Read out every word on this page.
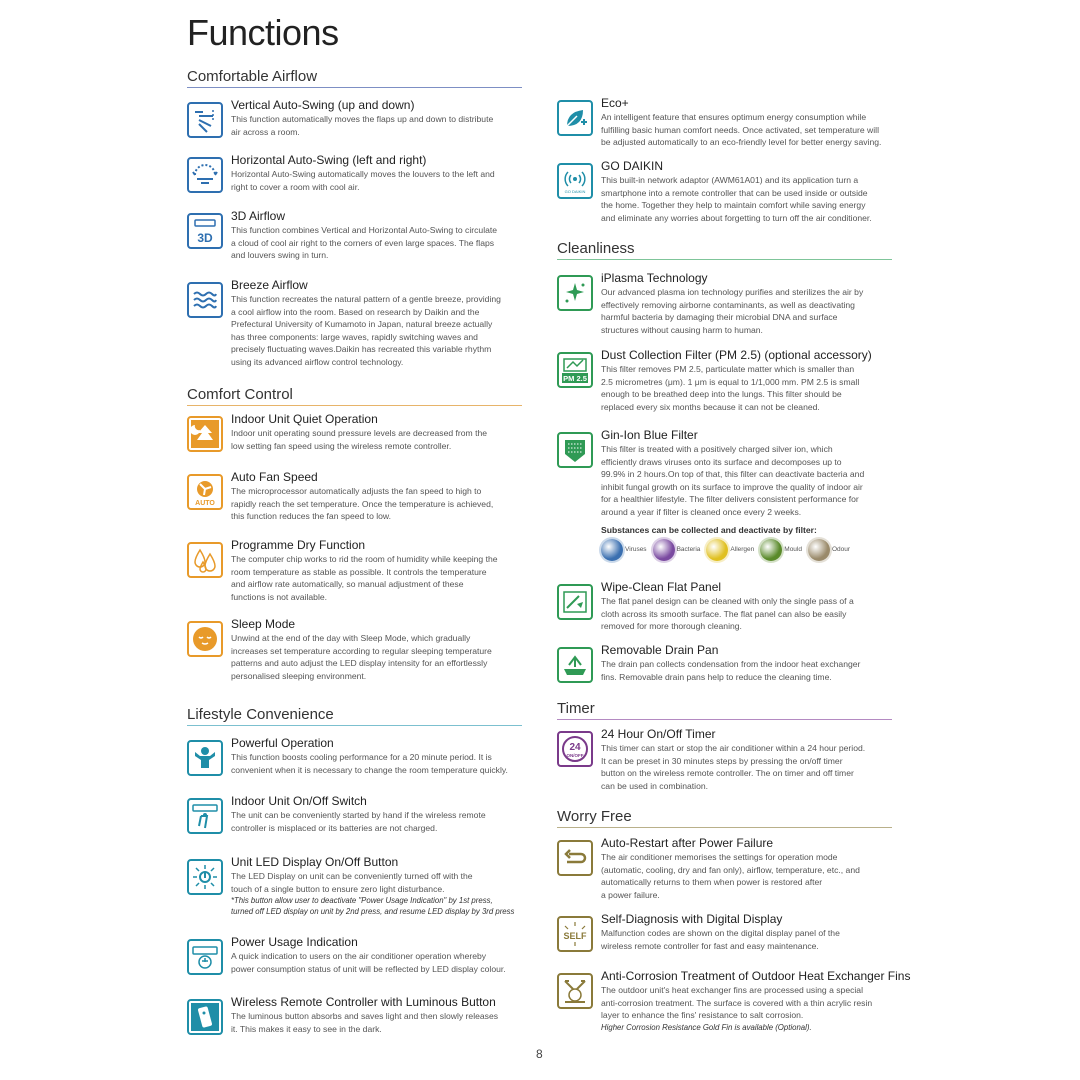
Functions
Comfortable Airflow
Vertical Auto-Swing (up and down)
This function automatically moves the flaps up and down to distribute
air across a room.
Horizontal Auto-Swing (left and right)
Horizontal Auto-Swing automatically moves the louvers to the left and
right to cover a room with cool air.
3D
3D Airflow
This function combines Vertical and Horizontal Auto-Swing to circulate
a cloud of cool air right to the corners of even large spaces. The flaps
and louvers swing in turn.
Breeze Airflow
This function recreates the natural pattern of a gentle breeze, providing
a cool airflow into the room. Based on research by Daikin and the
Prefectural University of Kumamoto in Japan, natural breeze actually
has three components: large waves, rapidly switching waves and
precisely fluctuating waves.Daikin has recreated this variable rhythm
using its advanced airflow control technology.
Comfort Control
Indoor Unit Quiet Operation
Indoor unit operating sound pressure levels are decreased from the
low setting fan speed using the wireless remote controller.
AUTO
Auto Fan Speed
The microprocessor automatically adjusts the fan speed to high to
rapidly reach the set temperature. Once the temperature is achieved,
this function reduces the fan speed to low.
Programme Dry Function
The computer chip works to rid the room of humidity while keeping the
room temperature as stable as possible. It controls the temperature
and airflow rate automatically, so manual adjustment of these
functions is not available.
Sleep Mode
Unwind at the end of the day with Sleep Mode, which gradually
increases set temperature according to regular sleeping temperature
patterns and auto adjust the LED display intensity for an effortlessly
personalised sleeping environment.
Lifestyle Convenience
Powerful Operation
This function boosts cooling performance for a 20 minute period. It is
convenient when it is necessary to change the room temperature quickly.
Indoor Unit On/Off Switch
The unit can be conveniently started by hand if the wireless remote
controller is misplaced or its batteries are not charged.
Unit LED Display On/Off Button
The LED Display on unit can be conveniently turned off with the
touch of a single button to ensure zero light disturbance.
*This button allow user to deactivate "Power Usage Indication" by 1st press,
turned off LED display on unit by 2nd press, and resume LED display by 3rd press
Power Usage Indication
A quick indication to users on the air conditioner operation whereby
power consumption status of unit will be reflected by LED display colour.
Wireless Remote Controller with Luminous Button
The luminous button absorbs and saves light and then slowly releases
it. This makes it easy to see in the dark.
Eco+
An intelligent feature that ensures optimum energy consumption while
fulfilling basic human comfort needs. Once activated, set temperature will
be adjusted automatically to an eco-friendly level for better energy saving.
GO DAIKIN
GO DAIKIN
This built-in network adaptor (AWM61A01) and its application turn a
smartphone into a remote controller that can be used inside or outside
the home. Together they help to maintain comfort while saving energy
and eliminate any worries about forgetting to turn off the air conditioner.
Cleanliness
iPlasma Technology
Our advanced plasma ion technology purifies and sterilizes the air by
effectively removing airborne contaminants, as well as deactivating
harmful bacteria by damaging their microbial DNA and surface
structures without causing harm to human.
PM 2.5
Dust Collection Filter (PM 2.5) (optional accessory)
This filter removes PM 2.5, particulate matter which is smaller than
2.5 micrometres (μm). 1 μm is equal to 1/1,000 mm. PM 2.5 is small
enough to be breathed deep into the lungs. This filter should be
replaced every six months because it can not be cleaned.
Gin-Ion Blue Filter
This filter is treated with a positively charged silver ion, which
efficiently draws viruses onto its surface and decomposes up to
99.9% in 2 hours.On top of that, this filter can deactivate bacteria and
inhibit fungal growth on its surface to improve the quality of indoor air
for a healthier lifestyle. The filter delivers consistent performance for
around a year if filter is cleaned once every 2 weeks.
Substances can be collected and deactivate by filter:
Viruses	Bacteria	Allergen	Mould	Odour
Wipe-Clean Flat Panel
The flat panel design can be cleaned with only the single pass of a
cloth across its smooth surface. The flat panel can also be easily
removed for more thorough cleaning.
Removable Drain Pan
The drain pan collects condensation from the indoor heat exchanger
fins. Removable drain pans help to reduce the cleaning time.
Timer
24
ON/OFF
24 Hour On/Off Timer
This timer can start or stop the air conditioner within a 24 hour period.
It can be preset in 30 minutes steps by pressing the on/off timer
button on the wireless remote controller. The on timer and off timer
can be used in combination.
Worry Free
Auto-Restart after Power Failure
The air conditioner memorises the settings for operation mode
(automatic, cooling, dry and fan only), airflow, temperature, etc., and
automatically returns to them when power is restored after
a power failure.
SELF
Self-Diagnosis with Digital Display
Malfunction codes are shown on the digital display panel of the
wireless remote controller for fast and easy maintenance.
Anti-Corrosion Treatment of Outdoor Heat Exchanger Fins
The outdoor unit's heat exchanger fins are processed using a special
anti-corrosion treatment. The surface is covered with a thin acrylic resin
layer to enhance the fins' resistance to salt corrosion.
Higher Corrosion Resistance Gold Fin is available (Optional).
8
